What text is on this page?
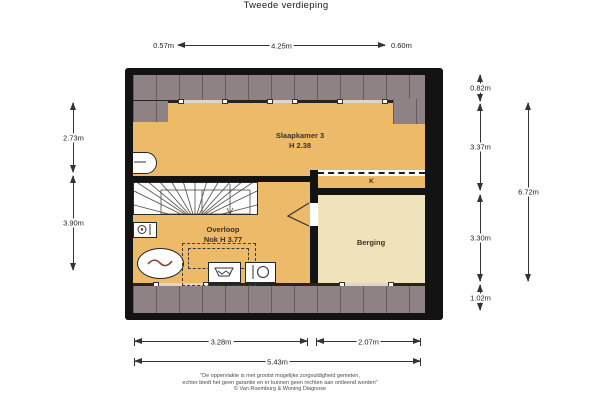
Tweede verdieping
Slaapkamer 3
H 2.38
K
Berging
Overloop
Nok H 3.77
0.57m	4.25m	0.60m
2.73m
3.90m
0.82m
3.37m
3.30m
1.02m
6.72m
3.28m	2.07m
5.43m
"De oppervlakte is met grootst mogelijke zorgvuldigheid gemeten,
echter biedt het geen garantie en er kunnen geen rechten aan ontleend worden"
© Van Roemburg & Woning Diagnose
